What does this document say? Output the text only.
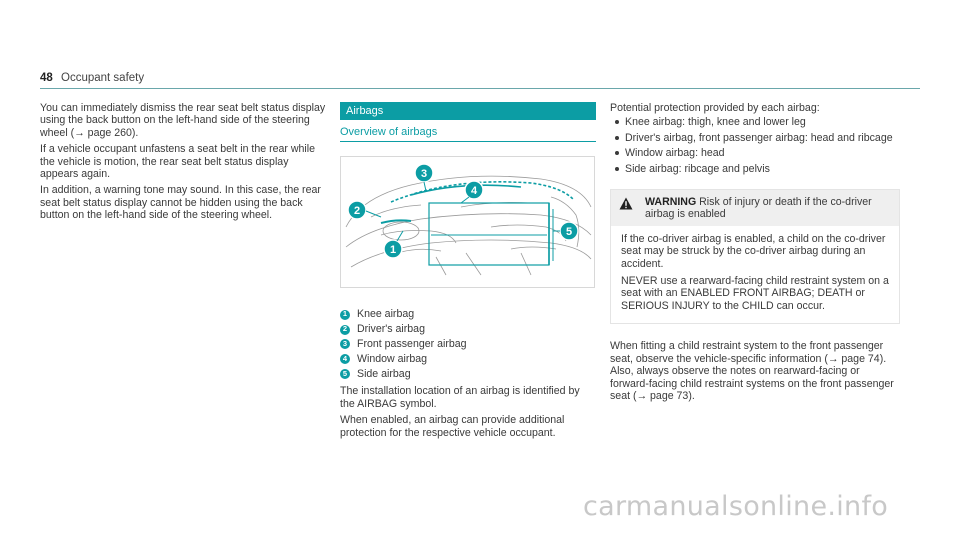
48 Occupant safety

You can immediately dismiss the rear seat belt status display using the back button on the left-hand side of the steering wheel (→ page 260).

If a vehicle occupant unfastens a seat belt in the rear while the vehicle is motion, the rear seat belt status display appears again.

In addition, a warning tone may sound. In this case, the rear seat belt status display cannot be hidden using the back button on the left-hand side of the steering wheel.

Airbags
Overview of airbags
1
2
3
4
5
1 Knee airbag
2 Driver's airbag
3 Front passenger airbag
4 Window airbag
5 Side airbag

The installation location of an airbag is identified by the AIRBAG symbol.

When enabled, an airbag can provide additional protection for the respective vehicle occupant.

Potential protection provided by each airbag:

Knee airbag: thigh, knee and lower leg
Driver's airbag, front passenger airbag: head and ribcage
Window airbag: head
Side airbag: ribcage and pelvis
WARNING Risk of injury or death if the co-driver airbag is enabled

If the co-driver airbag is enabled, a child on the co-driver seat may be struck by the co-driver airbag during an accident.

NEVER use a rearward-facing child restraint system on a seat with an ENABLED FRONT AIRBAG; DEATH or SERIOUS INJURY to the CHILD can occur.

When fitting a child restraint system to the front passenger seat, observe the vehicle-specific information (→ page 74). Also, always observe the notes on rearward-facing or forward-facing child restraint systems on the front passenger seat (→ page 73).

carmanualsonline.info
